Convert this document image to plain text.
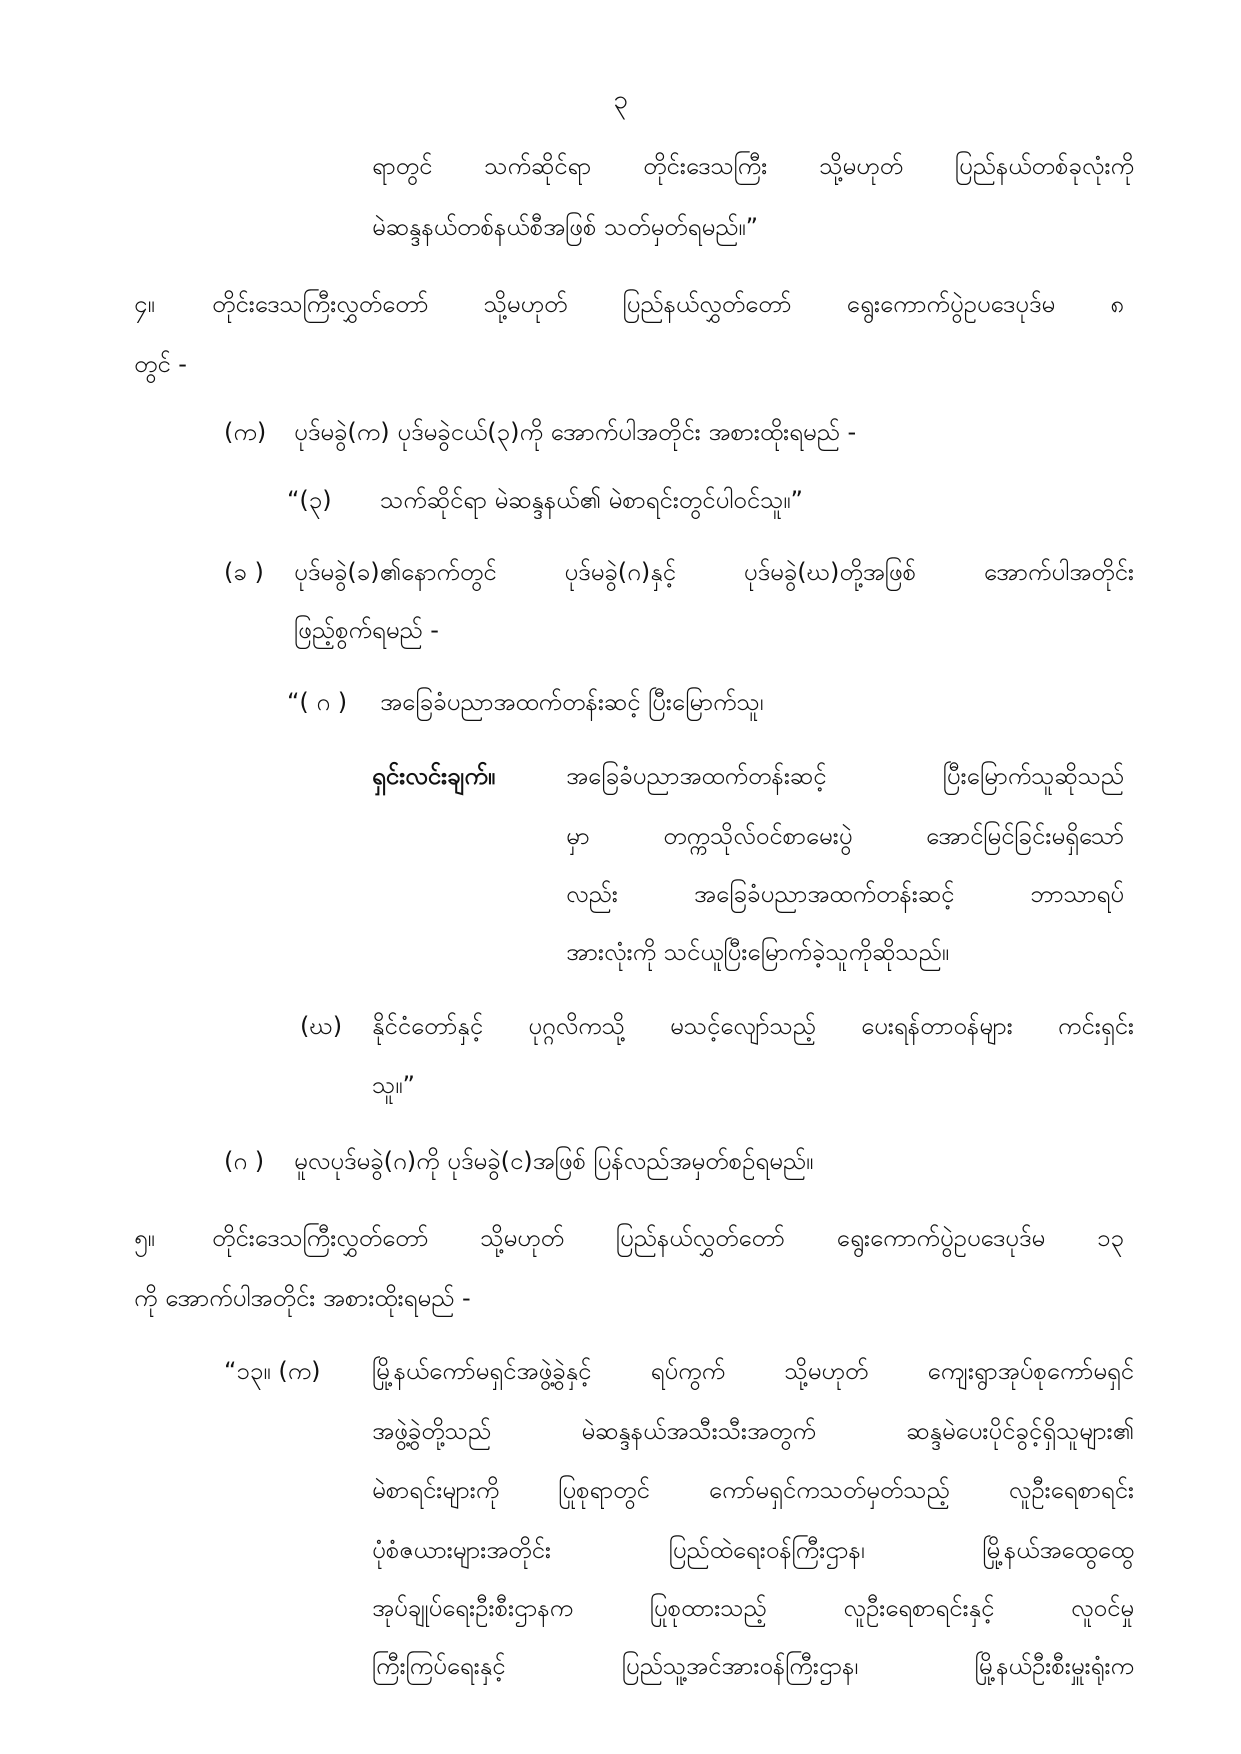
၃
ရာတွင် သက်ဆိုင်ရာ တိုင်းဒေသကြီး သို့မဟုတ် ပြည်နယ်တစ်ခုလုံးကို
မဲဆန္ဒနယ်တစ်နယ်စီအဖြစ် သတ်မှတ်ရမည်။”
၄။ တိုင်းဒေသကြီးလွှတ်တော် သို့မဟုတ် ပြည်နယ်လွှတ်တော် ရွေးကောက်ပွဲဥပဒေပုဒ်မ ၈
တွင် -
(က) ပုဒ်မခွဲ(က) ပုဒ်မခွဲငယ်(၃)ကို အောက်ပါအတိုင်း အစားထိုးရမည် -
“(၃) သက်ဆိုင်ရာ မဲဆန္ဒနယ်၏ မဲစာရင်းတွင်ပါဝင်သူ။”
(ခ ) ပုဒ်မခွဲ(ခ)၏နောက်တွင် ပုဒ်မခွဲ(ဂ)နှင့် ပုဒ်မခွဲ(ဃ)တို့အဖြစ် အောက်ပါအတိုင်း
ဖြည့်စွက်ရမည် -
“( ဂ ) အခြေခံပညာအထက်တန်းဆင့် ပြီးမြောက်သူ၊
ရှင်းလင်းချက်။	အခြေခံပညာအထက်တန်းဆင့် ပြီးမြောက်သူဆိုသည်
မှာ တက္ကသိုလ်ဝင်စာမေးပွဲ အောင်မြင်ခြင်းမရှိသော်
လည်း အခြေခံပညာအထက်တန်းဆင့် ဘာသာရပ်
အားလုံးကို သင်ယူပြီးမြောက်ခဲ့သူကိုဆိုသည်။
(ဃ) နိုင်ငံတော်နှင့် ပုဂ္ဂလိကသို့ မသင့်လျော်သည့် ပေးရန်တာဝန်များ ကင်းရှင်း
သူ။”
(ဂ ) မူလပုဒ်မခွဲ(ဂ)ကို ပုဒ်မခွဲ(င)အဖြစ် ပြန်လည်အမှတ်စဉ်ရမည်။
၅။ တိုင်းဒေသကြီးလွှတ်တော် သို့မဟုတ် ပြည်နယ်လွှတ်တော် ရွေးကောက်ပွဲဥပဒေပုဒ်မ ၁၃
ကို အောက်ပါအတိုင်း အစားထိုးရမည် -
“၁၃။ (က) မြို့နယ်ကော်မရှင်အဖွဲ့ခွဲနှင့် ရပ်ကွက် သို့မဟုတ် ကျေးရွာအုပ်စုကော်မရှင်
အဖွဲ့ခွဲတို့သည် မဲဆန္ဒနယ်အသီးသီးအတွက် ဆန္ဒမဲပေးပိုင်ခွင့်ရှိသူများ၏
မဲစာရင်းများကို ပြုစုရာတွင် ကော်မရှင်ကသတ်မှတ်သည့် လူဦးရေစာရင်း
ပုံစံဇယားများအတိုင်း ပြည်ထဲရေးဝန်ကြီးဌာန၊ မြို့နယ်အထွေထွေ
အုပ်ချုပ်ရေးဦးစီးဌာနက ပြုစုထားသည့် လူဦးရေစာရင်းနှင့် လူဝင်မှု
ကြီးကြပ်ရေးနှင့် ပြည်သူ့အင်အားဝန်ကြီးဌာန၊ မြို့နယ်ဦးစီးမှူးရုံးက
